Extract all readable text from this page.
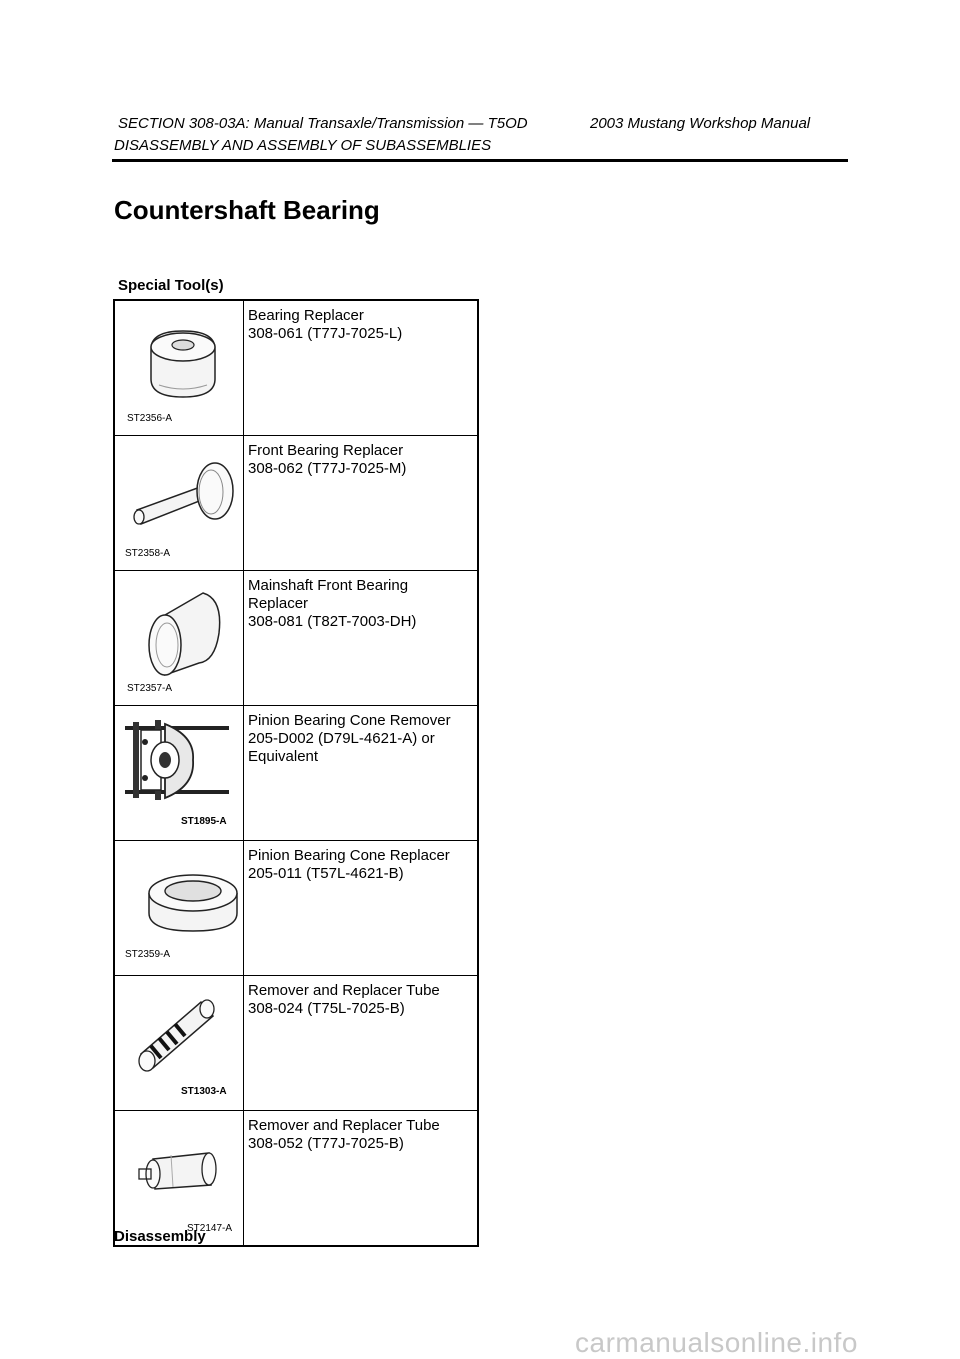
SECTION 308-03A: Manual Transaxle/Transmission — T5OD	2003 Mustang Workshop Manual
DISASSEMBLY AND ASSEMBLY OF SUBASSEMBLIES
Countershaft Bearing
Special Tool(s)
ST2356-A	Bearing Replacer
308-061 (T77J-7025-L)

ST2358-A	Front Bearing Replacer
308-062 (T77J-7025-M)

ST2357-A	Mainshaft Front Bearing
Replacer
308-081 (T82T-7003-DH)

ST1895-A	Pinion Bearing Cone Remover
205-D002 (D79L-4621-A) or
Equivalent

ST2359-A	Pinion Bearing Cone Replacer
205-011 (T57L-4621-B)

ST1303-A	Remover and Replacer Tube
308-024 (T75L-7025-B)

ST2147-A	Remover and Replacer Tube
308-052 (T77J-7025-B)
Disassembly
carmanualsonline.info
